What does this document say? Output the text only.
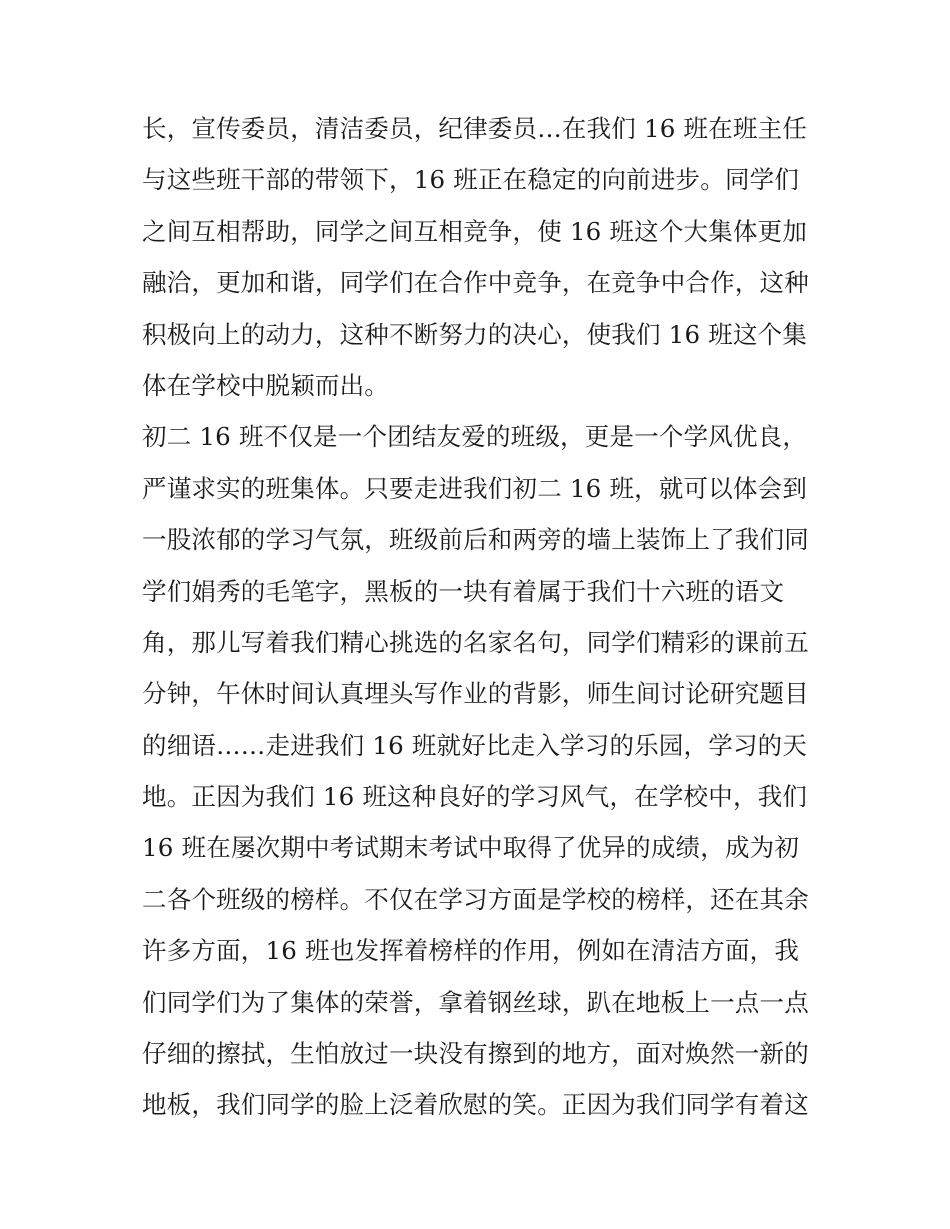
长，宣传委员，清洁委员，纪律委员…在我们 16 班在班主任
与这些班干部的带领下，16 班正在稳定的向前进步。同学们
之间互相帮助，同学之间互相竞争，使 16 班这个大集体更加
融洽，更加和谐，同学们在合作中竞争，在竞争中合作，这种
积极向上的动力，这种不断努力的决心，使我们 16 班这个集
体在学校中脱颖而出。
初二 16 班不仅是一个团结友爱的班级，更是一个学风优良，
严谨求实的班集体。只要走进我们初二 16 班，就可以体会到
一股浓郁的学习气氛，班级前后和两旁的墙上装饰上了我们同
学们娟秀的毛笔字，黑板的一块有着属于我们十六班的语文
角，那儿写着我们精心挑选的名家名句，同学们精彩的课前五
分钟，午休时间认真埋头写作业的背影，师生间讨论研究题目
的细语……走进我们 16 班就好比走入学习的乐园，学习的天
地。正因为我们 16 班这种良好的学习风气，在学校中，我们
16 班在屡次期中考试期末考试中取得了优异的成绩，成为初
二各个班级的榜样。不仅在学习方面是学校的榜样，还在其余
许多方面，16 班也发挥着榜样的作用，例如在清洁方面，我
们同学们为了集体的荣誉，拿着钢丝球，趴在地板上一点一点
仔细的擦拭，生怕放过一块没有擦到的地方，面对焕然一新的
地板，我们同学的脸上泛着欣慰的笑。正因为我们同学有着这
